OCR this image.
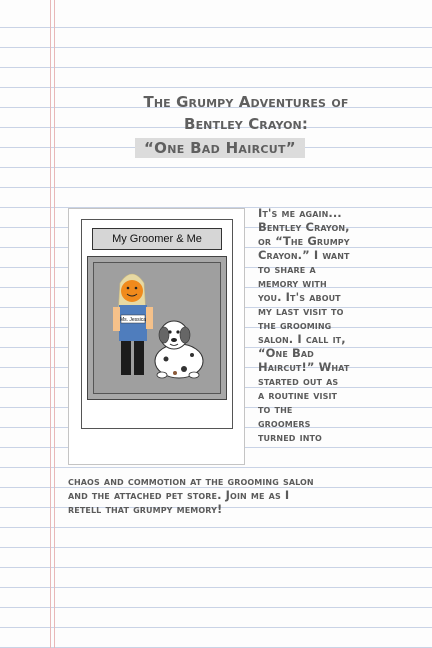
The Grumpy Adventures of
Bentley Crayon:
“One Bad Haircut”
My Groomer & Me
Ms. Jessica
It's me again...
Bentley Crayon,
or “The Grumpy
Crayon.” I want
to share a
memory with
you. It's about
my last visit to
the grooming
salon. I call it,
“One Bad
Haircut!” What
started out as
a routine visit
to the
groomers
turned into
chaos and commotion at the grooming salon
and the attached pet store. Join me as I
retell that grumpy memory!
